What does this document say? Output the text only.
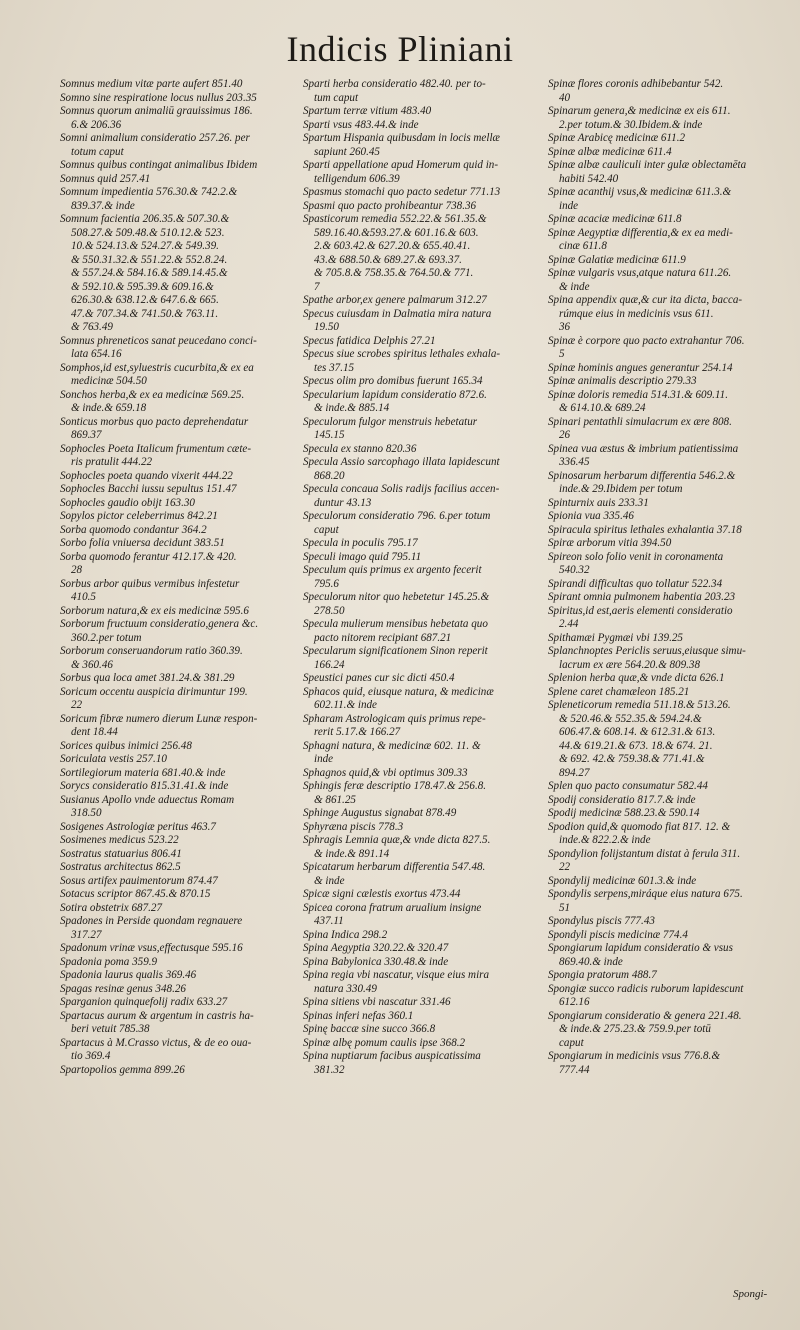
Indicis Pliniani

Somnus medium vitæ parte aufert 851.40

Somno sine respiratione locus nullus 203.35

Somnus quorum animaliū grauissimus 186.

6.& 206.36

Somni animalium consideratio 257.26. per

totum caput

Somnus quibus contingat animalibus Ibidem

Somnus quid 257.41

Somnum impedientia 576.30.& 742.2.&

839.37.& inde

Somnum facientia 206.35.& 507.30.&

508.27.& 509.48.& 510.12.& 523.

10.& 524.13.& 524.27.& 549.39.

& 550.31.32.& 551.22.& 552.8.24.

& 557.24.& 584.16.& 589.14.45.&

& 592.10.& 595.39.& 609.16.&

626.30.& 638.12.& 647.6.& 665.

47.& 707.34.& 741.50.& 763.11.

& 763.49

Somnus phreneticos sanat peucedano conci-

lata 654.16

Somphos,id est,syluestris cucurbita,& ex ea

medicinæ 504.50

Sonchos herba,& ex ea medicinæ 569.25.

& inde.& 659.18

Sonticus morbus quo pacto deprehendatur

869.37

Sophocles Poeta Italicum frumentum cæte-

ris pratulit 444.22

Sophocles poeta quando vixerit 444.22

Sophocles Bacchi iussu sepultus 151.47

Sophocles gaudio obijt 163.30

Sopylos pictor celeberrimus 842.21

Sorba quomodo condantur 364.2

Sorbo folia vniuersa decidunt 383.51

Sorba quomodo ferantur 412.17.& 420.

28

Sorbus arbor quibus vermibus infestetur

410.5

Sorborum natura,& ex eis medicinæ 595.6

Sorborum fructuum consideratio,genera &c.

360.2.per totum

Sorborum conseruandorum ratio 360.39.

& 360.46

Sorbus qua loca amet 381.24.& 381.29

Soricum occentu auspicia dirimuntur 199.

22

Soricum fibræ numero dierum Lunæ respon-

dent 18.44

Sorices quibus inimici 256.48

Soriculata vestis 257.10

Sortilegiorum materia 681.40.& inde

Sorycs consideratio 815.31.41.& inde

Susianus Apollo vnde aduectus Romam

318.50

Sosigenes Astrologiæ peritus 463.7

Sosimenes medicus 523.22

Sostratus statuarius 806.41

Sostratus architectus 862.5

Sosus artifex pauimentorum 874.47

Sotacus scriptor 867.45.& 870.15

Sotira obstetrix 687.27

Spadones in Perside quondam regnauere

317.27

Spadonum vrinæ vsus,effectusque 595.16

Spadonia poma 359.9

Spadonia laurus qualis 369.46

Spagas resinæ genus 348.26

Sparganion quinquefolij radix 633.27

Spartacus aurum & argentum in castris ha-

beri vetuit 785.38

Spartacus à M.Crasso victus, & de eo oua-

tio 369.4

Spartopolios gemma 899.26

Sparti herba consideratio 482.40. per to-

tum caput

Spartum terræ vitium 483.40

Sparti vsus 483.44.& inde

Spartum Hispania quibusdam in locis mellæ

sapiunt 260.45

Sparti appellatione apud Homerum quid in-

telligendum 606.39

Spasmus stomachi quo pacto sedetur 771.13

Spasmi quo pacto prohibeantur 738.36

Spasticorum remedia 552.22.& 561.35.&

589.16.40.&593.27.& 601.16.& 603.

2.& 603.42.& 627.20.& 655.40.41.

43.& 688.50.& 689.27.& 693.37.

& 705.8.& 758.35.& 764.50.& 771.

7

Spathe arbor,ex genere palmarum 312.27

Specus cuiusdam in Dalmatia mira natura

19.50

Specus fatidica Delphis 27.21

Specus siue scrobes spiritus lethales exhala-

tes 37.15

Specus olim pro domibus fuerunt 165.34

Specularium lapidum consideratio 872.6.

& inde.& 885.14

Speculorum fulgor menstruis hebetatur

145.15

Specula ex stanno 820.36

Specula Assio sarcophago illata lapidescunt

868.20

Specula concaua Solis radijs facilius accen-

duntur 43.13

Speculorum consideratio 796. 6.per totum

caput

Specula in poculis 795.17

Speculi imago quid 795.11

Speculum quis primus ex argento fecerit

795.6

Speculorum nitor quo hebetetur 145.25.&

278.50

Specula mulierum mensibus hebetata quo

pacto nitorem recipiant 687.21

Specularum significationem Sinon reperit

166.24

Speustici panes cur sic dicti 450.4

Sphacos quid, eiusque natura, & medicinæ

602.11.& inde

Spharam Astrologicam quis primus repe-

rerit 5.17.& 166.27

Sphagni natura, & medicinæ 602. 11. &

inde

Sphagnos quid,& vbi optimus 309.33

Sphingis feræ descriptio 178.47.& 256.8.

& 861.25

Sphinge Augustus signabat 878.49

Sphyræna piscis 778.3

Sphragis Lemnia quæ,& vnde dicta 827.5.

& inde.& 891.14

Spicatarum herbarum differentia 547.48.

& inde

Spicæ signi cælestis exortus 473.44

Spicea corona fratrum arualium insigne

437.11

Spina Indica 298.2

Spina Aegyptia 320.22.& 320.47

Spina Babylonica 330.48.& inde

Spina regia vbi nascatur, visque eius mira

natura 330.49

Spina sitiens vbi nascatur 331.46

Spinas inferi nefas 360.1

Spinę baccæ sine succo 366.8

Spinæ albę pomum caulis ipse 368.2

Spina nuptiarum facibus auspicatissima

381.32

Spinæ flores coronis adhibebantur 542.

40

Spinarum genera,& medicinæ ex eis 611.

2.per totum.& 30.Ibidem.& inde

Spinæ Arabicę medicinæ 611.2

Spinæ albæ medicinæ 611.4

Spinæ albæ cauliculi inter gulæ oblectamēta

habiti 542.40

Spinæ acanthij vsus,& medicinæ 611.3.&

inde

Spinæ acaciæ medicinæ 611.8

Spinæ Aegyptiæ differentia,& ex ea medi-

cinæ 611.8

Spinæ Galatiæ medicinæ 611.9

Spinæ vulgaris vsus,atque natura 611.26.

& inde

Spina appendix quæ,& cur ita dicta, bacca-

rúmque eius in medicinis vsus 611.

36

Spinæ è corpore quo pacto extrahantur 706.

5

Spinæ hominis angues generantur 254.14

Spinæ animalis descriptio 279.33

Spinæ doloris remedia 514.31.& 609.11.

& 614.10.& 689.24

Spinari pentathli simulacrum ex ære 808.

26

Spinea vua æstus & imbrium patientissima

336.45

Spinosarum herbarum differentia 546.2.&

inde.& 29.Ibidem per totum

Spinturnix auis 233.31

Spionia vua 335.46

Spiracula spiritus lethales exhalantia 37.18

Spiræ arborum vitia 394.50

Spireon solo folio venit in coronamenta

540.32

Spirandi difficultas quo tollatur 522.34

Spirant omnia pulmonem habentia 203.23

Spiritus,id est,aeris elementi consideratio

2.44

Spithamæi Pygmæi vbi 139.25

Splanchnoptes Periclis seruus,eiusque simu-

lacrum ex ære 564.20.& 809.38

Splenion herba quæ,& vnde dicta 626.1

Splene caret chamæleon 185.21

Spleneticorum remedia 511.18.& 513.26.

& 520.46.& 552.35.& 594.24.&

606.47.& 608.14. & 612.31.& 613.

44.& 619.21.& 673. 18.& 674. 21.

& 692. 42.& 759.38.& 771.41.&

894.27

Splen quo pacto consumatur 582.44

Spodij consideratio 817.7.& inde

Spodij medicinæ 588.23.& 590.14

Spodion quid,& quomodo fiat 817. 12. &

inde.& 822.2.& inde

Spondylion folijstantum distat à ferula 311.

22

Spondylij medicinæ 601.3.& inde

Spondylis serpens,miráque eius natura 675.

51

Spondylus piscis 777.43

Spondyli piscis medicinæ 774.4

Spongiarum lapidum consideratio & vsus

869.40.& inde

Spongia pratorum 488.7

Spongiæ succo radicis ruborum lapidescunt

612.16

Spongiarum consideratio & genera 221.48.

& inde.& 275.23.& 759.9.per totū

caput

Spongiarum in medicinis vsus 776.8.&

777.44

Spongi-
